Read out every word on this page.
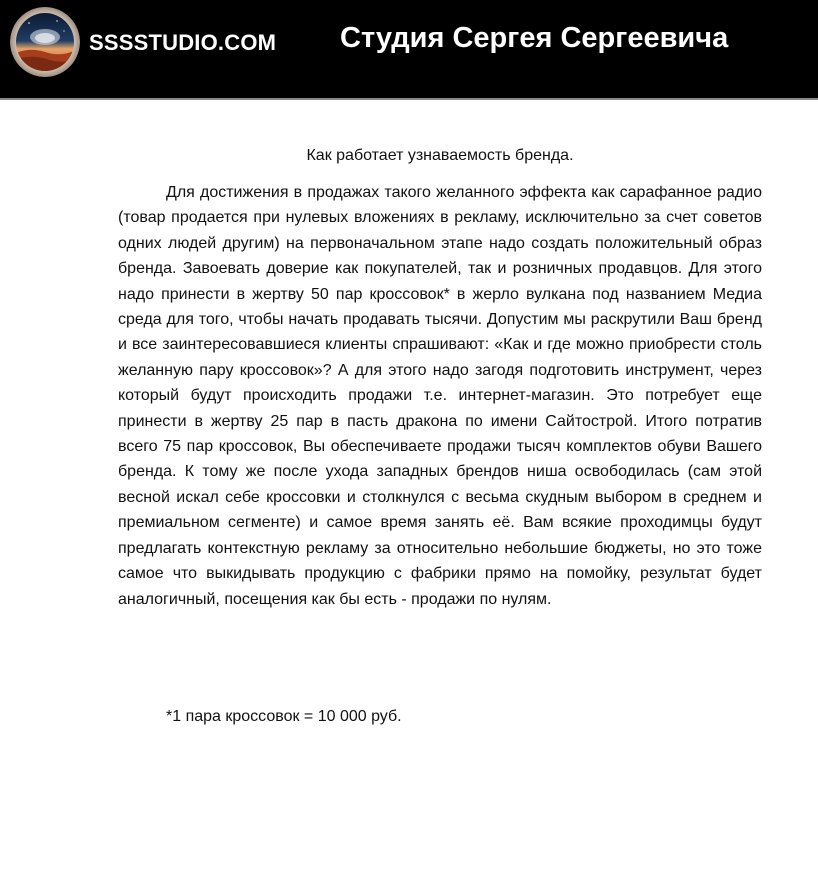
SSSSTUDIO.COM Студия Сергея Сергеевича
Как работает узнаваемость бренда.

Для достижения в продажах такого желанного эффекта как сарафанное радио (товар продается при нулевых вложениях в рекламу, исключительно за счет советов одних людей другим) на первоначальном этапе надо создать положительный образ бренда. Завоевать доверие как покупателей, так и розничных продавцов. Для этого надо принести в жертву 50 пар кроссовок* в жерло вулкана под названием Медиа среда для того, чтобы начать продавать тысячи. Допустим мы раскрутили Ваш бренд и все заинтересовавшиеся клиенты спрашивают: «Как и где можно приобрести столь желанную пару кроссовок»? А для этого надо загодя подготовить инструмент, через который будут происходить продажи т.е. интернет-магазин. Это потребует еще принести в жертву 25 пар в пасть дракона по имени Сайтострой. Итого потратив всего 75 пар кроссовок, Вы обеспечиваете продажи тысяч комплектов обуви Вашего бренда. К тому же после ухода западных брендов ниша освободилась (сам этой весной искал себе кроссовки и столкнулся с весьма скудным выбором в среднем и премиальном сегменте) и самое время занять её. Вам всякие проходимцы будут предлагать контекстную рекламу за относительно небольшие бюджеты, но это тоже самое что выкидывать продукцию с фабрики прямо на помойку, результат будет аналогичный, посещения как бы есть - продажи по нулям.

*1 пара кроссовок = 10 000 руб.
